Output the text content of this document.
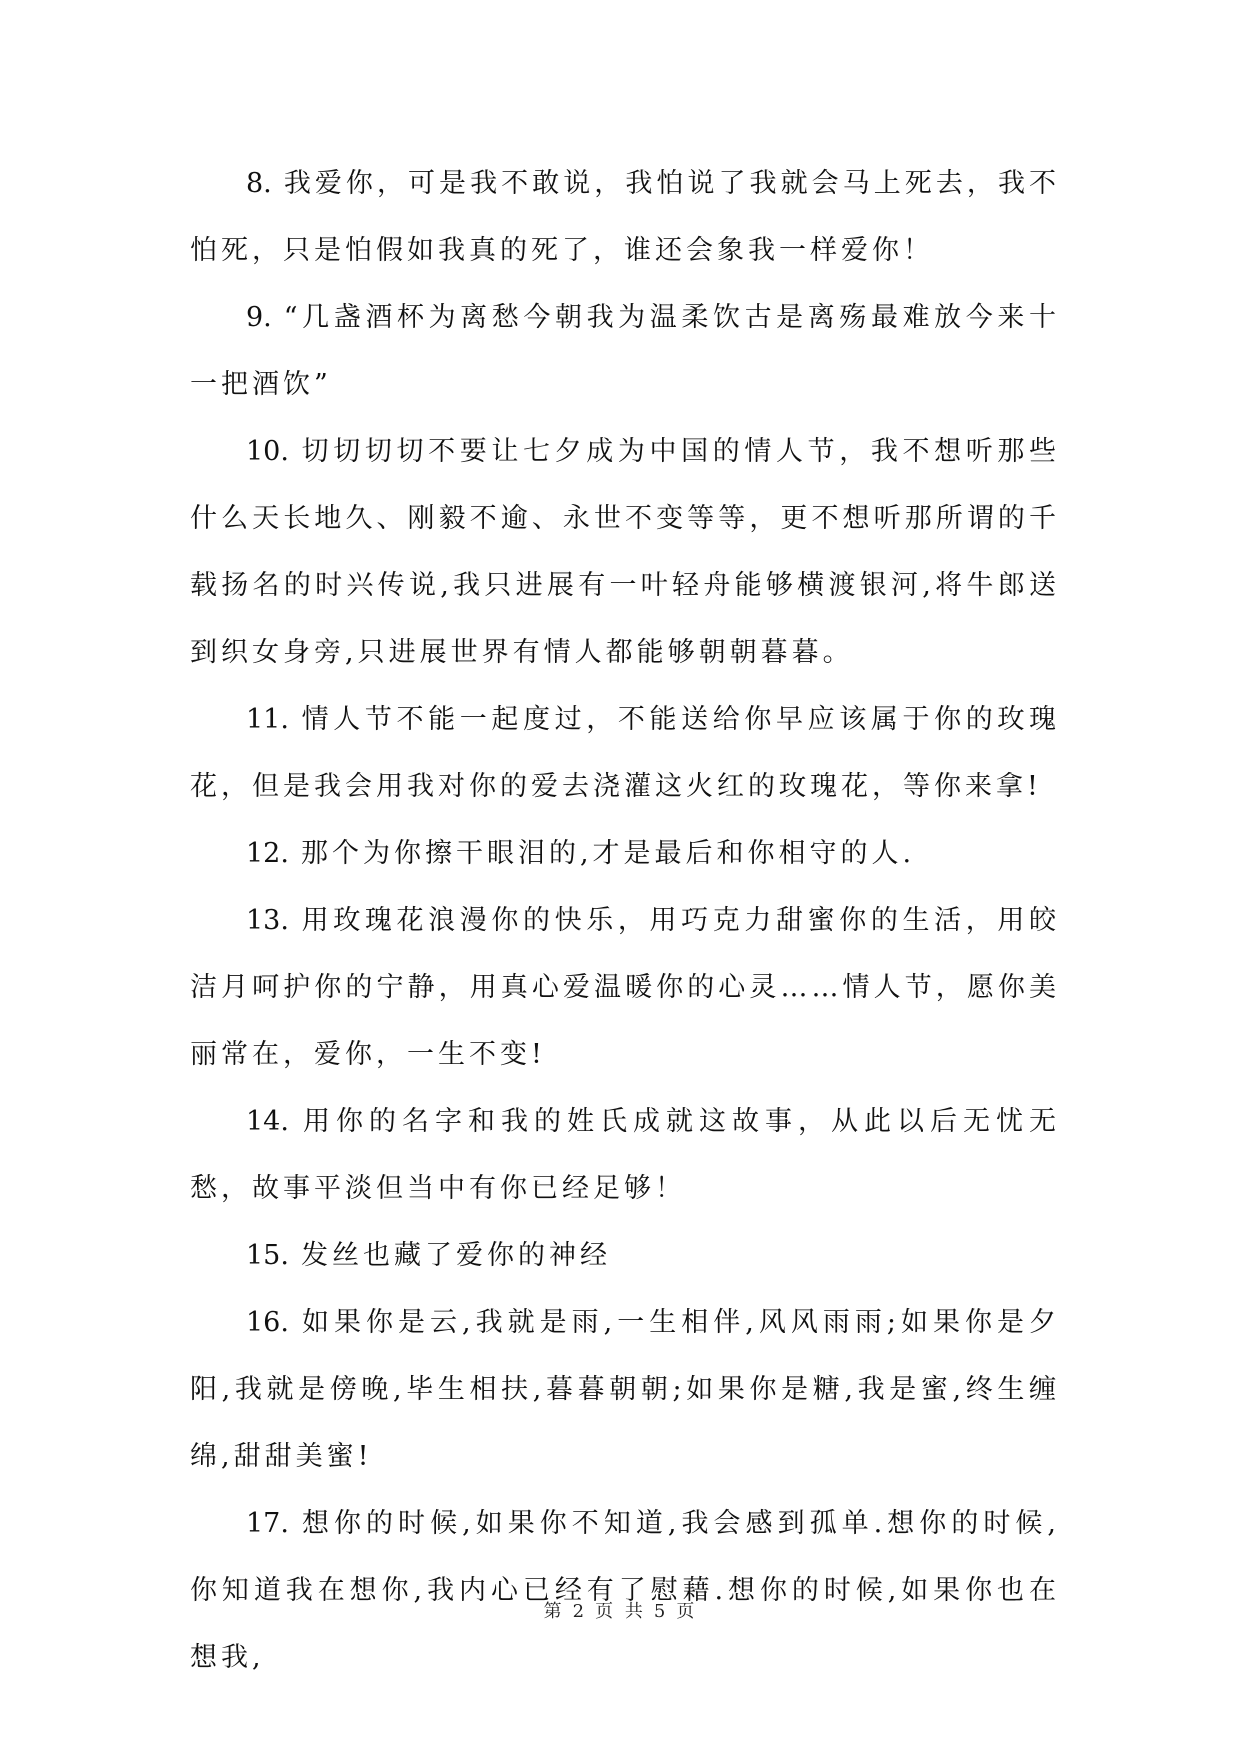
8. 我爱你，可是我不敢说，我怕说了我就会马上死去，我不怕死，只是怕假如我真的死了，谁还会象我一样爱你！

9. “几盏酒杯为离愁今朝我为温柔饮古是离殇最难放今来十一把酒饮”

10. 切切切切不要让七夕成为中国的情人节，我不想听那些什么天长地久、刚毅不逾、永世不变等等，更不想听那所谓的千载扬名的时兴传说,我只进展有一叶轻舟能够横渡银河,将牛郎送到织女身旁,只进展世界有情人都能够朝朝暮暮。

11. 情人节不能一起度过，不能送给你早应该属于你的玫瑰花，但是我会用我对你的爱去浇灌这火红的玫瑰花，等你来拿!

12. 那个为你擦干眼泪的,才是最后和你相守的人.

13. 用玫瑰花浪漫你的快乐，用巧克力甜蜜你的生活，用皎洁月呵护你的宁静，用真心爱温暖你的心灵……情人节，愿你美丽常在，爱你，一生不变!

14. 用你的名字和我的姓氏成就这故事，从此以后无忧无愁，故事平淡但当中有你已经足够！

15. 发丝也藏了爱你的神经

16. 如果你是云,我就是雨,一生相伴,风风雨雨;如果你是夕阳,我就是傍晚,毕生相扶,暮暮朝朝;如果你是糖,我是蜜,终生缠绵,甜甜美蜜!

17. 想你的时候,如果你不知道,我会感到孤单.想你的时候,你知道我在想你,我内心已经有了慰藉.想你的时候,如果你也在想我,

第 2 页 共 5 页
